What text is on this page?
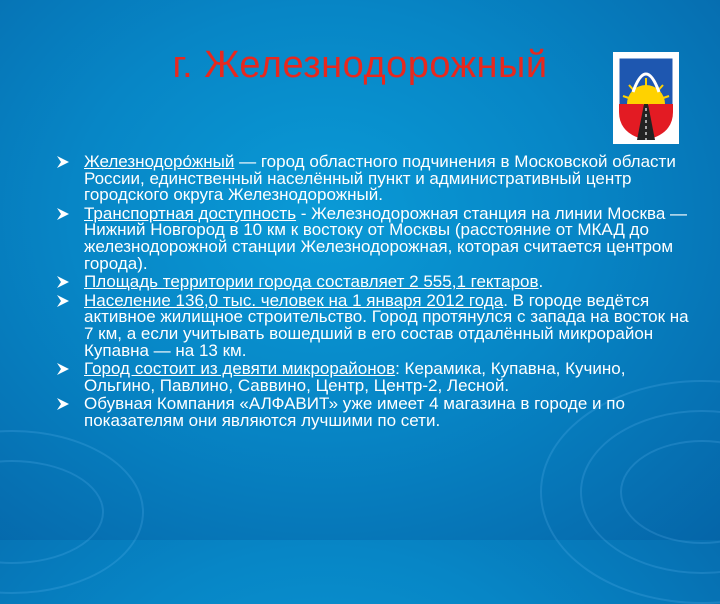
г. Железнодорожный
Железнодоро́жный — город областного подчинения в Московской области России, единственный населённый пункт и административный центр городского округа Железнодорожный.
Транспортная доступность - Железнодорожная станция на линии Москва — Нижний Новгород в 10 км к востоку от Москвы (расстояние от МКАД до железнодорожной станции Железнодорожная, которая считается центром города).
Площадь территории города составляет 2 555,1 гектаров.
Население 136,0 тыс. человек на 1 января 2012 года. В городе ведётся активное жилищное строительство. Город протянулся с запада на восток на 7 км, а если учитывать вошедший в его состав отдалённый микрорайон Купавна — на 13 км.
Город состоит из девяти микрорайонов: Керамика, Купавна, Кучино, Ольгино, Павлино, Саввино, Центр, Центр-2, Лесной.
Обувная Компания «АЛФАВИТ» уже имеет 4 магазина в городе и по показателям они являются лучшими по сети.
